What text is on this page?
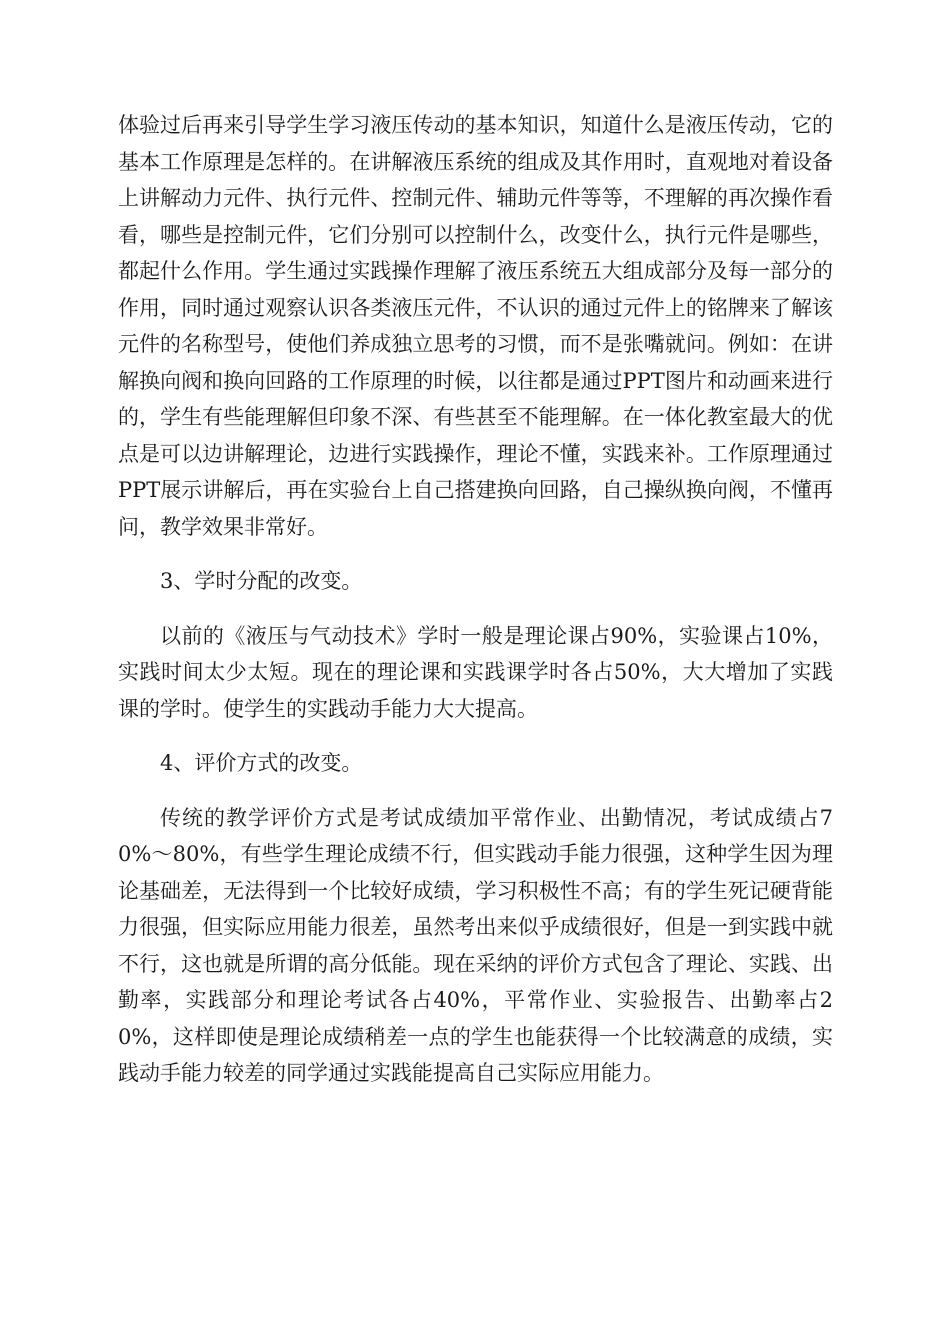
体验过后再来引导学生学习液压传动的基本知识，知道什么是液压传动，它的基本工作原理是怎样的。在讲解液压系统的组成及其作用时，直观地对着设备上讲解动力元件、执行元件、控制元件、辅助元件等等，不理解的再次操作看看，哪些是控制元件，它们分别可以控制什么，改变什么，执行元件是哪些，都起什么作用。学生通过实践操作理解了液压系统五大组成部分及每一部分的作用，同时通过观察认识各类液压元件，不认识的通过元件上的铭牌来了解该元件的名称型号，使他们养成独立思考的习惯，而不是张嘴就问。例如：在讲解换向阀和换向回路的工作原理的时候，以往都是通过PPT图片和动画来进行的，学生有些能理解但印象不深、有些甚至不能理解。在一体化教室最大的优点是可以边讲解理论，边进行实践操作，理论不懂，实践来补。工作原理通过PPT展示讲解后，再在实验台上自己搭建换向回路，自己操纵换向阀，不懂再问，教学效果非常好。

3、学时分配的改变。

以前的《液压与气动技术》学时一般是理论课占90%，实验课占10%，实践时间太少太短。现在的理论课和实践课学时各占50%，大大增加了实践课的学时。使学生的实践动手能力大大提高。

4、评价方式的改变。

传统的教学评价方式是考试成绩加平常作业、出勤情况，考试成绩占70%～80%，有些学生理论成绩不行，但实践动手能力很强，这种学生因为理论基础差，无法得到一个比较好成绩，学习积极性不高；有的学生死记硬背能力很强，但实际应用能力很差，虽然考出来似乎成绩很好，但是一到实践中就不行，这也就是所谓的高分低能。现在采纳的评价方式包含了理论、实践、出勤率，实践部分和理论考试各占40%，平常作业、实验报告、出勤率占20%，这样即使是理论成绩稍差一点的学生也能获得一个比较满意的成绩，实践动手能力较差的同学通过实践能提高自己实际应用能力。
